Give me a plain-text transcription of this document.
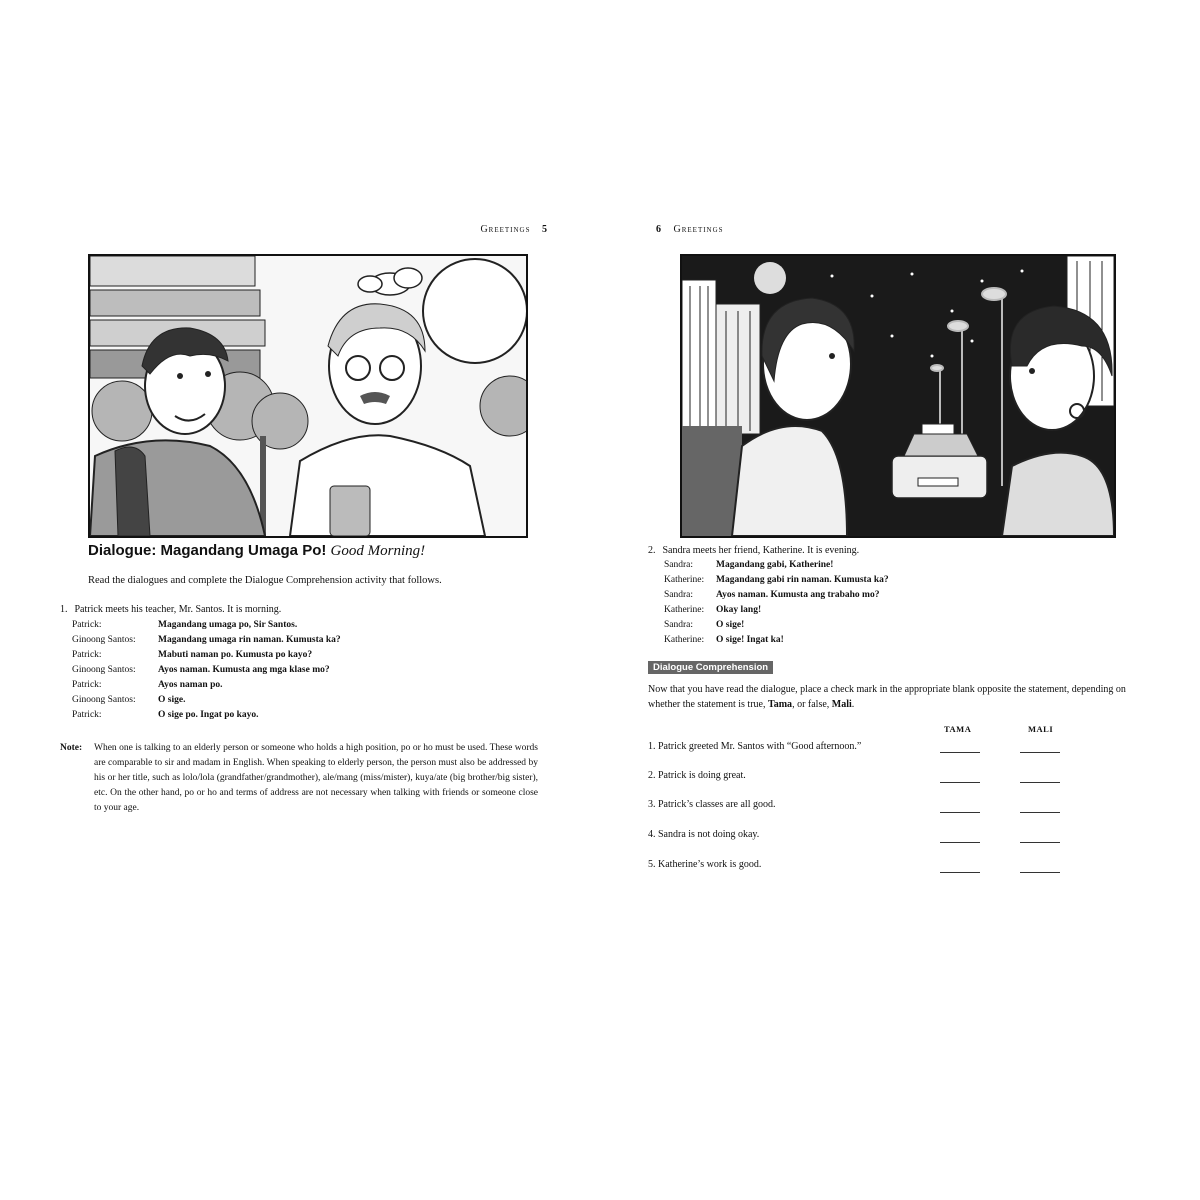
Greetings 5
Dialogue: Magandang Umaga Po! Good Morning!

Read the dialogues and complete the Dialogue Comprehension activity that follows.

1. Patrick meets his teacher, Mr. Santos. It is morning.

Patrick:	Magandang umaga po, Sir Santos.
Ginoong Santos:	Magandang umaga rin naman. Kumusta ka?
Patrick:	Mabuti naman po. Kumusta po kayo?
Ginoong Santos:	Ayos naman. Kumusta ang mga klase mo?
Patrick:	Ayos naman po.
Ginoong Santos:	O sige.
Patrick:	O sige po. Ingat po kayo.
Note: When one is talking to an elderly person or someone who holds a high position, po or ho must be used. These words are comparable to sir and madam in English. When speaking to elderly person, the person must also be addressed by his or her title, such as lolo/lola (grandfather/grandmother), ale/mang (miss/mister), kuya/ate (big brother/big sister), etc. On the other hand, po or ho and terms of address are not necessary when talking with friends or someone close to your age.
6 Greetings

2. Sandra meets her friend, Katherine. It is evening.

Sandra:	Magandang gabi, Katherine!
Katherine:	Magandang gabi rin naman. Kumusta ka?
Sandra:	Ayos naman. Kumusta ang trabaho mo?
Katherine:	Okay lang!
Sandra:	O sige!
Katherine:	O sige! Ingat ka!
Dialogue Comprehension

Now that you have read the dialogue, place a check mark in the appropriate blank opposite the statement, depending on whether the statement is true, Tama, or false, Mali.

TAMA	MALI
1. Patrick greeted Mr. Santos with “Good afternoon.”
2. Patrick is doing great.
3. Patrick’s classes are all good.
4. Sandra is not doing okay.
5. Katherine’s work is good.
